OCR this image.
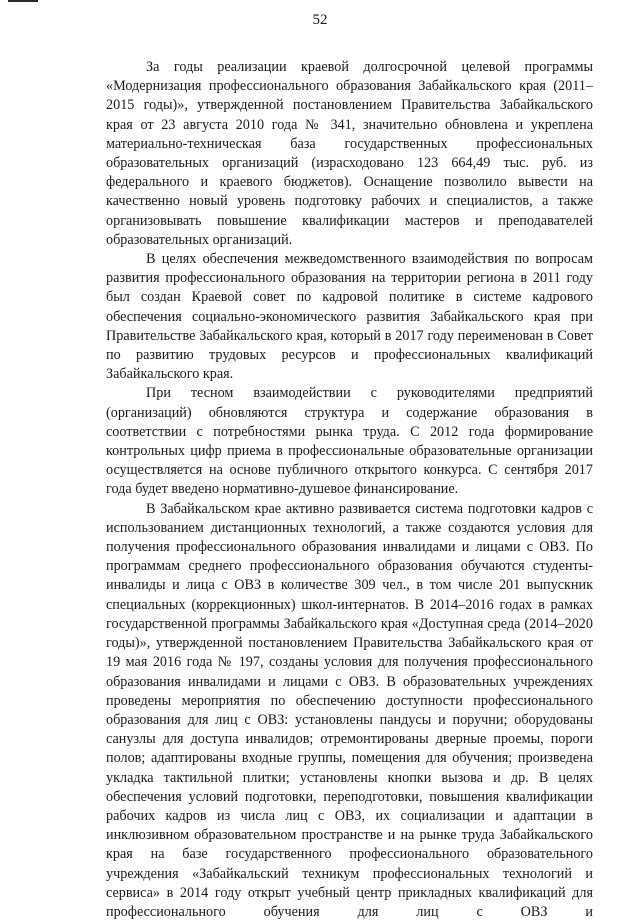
52

За годы реализации краевой долгосрочной целевой программы «Модернизация профессионального образования Забайкальского края (2011–2015 годы)», утвержденной постановлением Правительства Забайкальского края от 23 августа 2010 года № 341, значительно обновлена и укреплена материально-техническая база государственных профессиональных образовательных организаций (израсходовано 123 664,49 тыс. руб. из федерального и краевого бюджетов). Оснащение позволило вывести на качественно новый уровень подготовку рабочих и специалистов, а также организовывать повышение квалификации мастеров и преподавателей образовательных организаций.

В целях обеспечения межведомственного взаимодействия по вопросам развития профессионального образования на территории региона в 2011 году был создан Краевой совет по кадровой политике в системе кадрового обеспечения социально-экономического развития Забайкальского края при Правительстве Забайкальского края, который в 2017 году переименован в Совет по развитию трудовых ресурсов и профессиональных квалификаций Забайкальского края.

При тесном взаимодействии с руководителями предприятий (организаций) обновляются структура и содержание образования в соответствии с потребностями рынка труда. С 2012 года формирование контрольных цифр приема в профессиональные образовательные организации осуществляется на основе публичного открытого конкурса. С сентября 2017 года будет введено нормативно-душевое финансирование.

В Забайкальском крае активно развивается система подготовки кадров с использованием дистанционных технологий, а также создаются условия для получения профессионального образования инвалидами и лицами с ОВЗ. По программам среднего профессионального образования обучаются студенты-инвалиды и лица с ОВЗ в количестве 309 чел., в том числе 201 выпускник специальных (коррекционных) школ-интернатов. В 2014–2016 годах в рамках государственной программы Забайкальского края «Доступная среда (2014–2020 годы)», утвержденной постановлением Правительства Забайкальского края от 19 мая 2016 года № 197, созданы условия для получения профессионального образования инвалидами и лицами с ОВЗ. В образовательных учреждениях проведены мероприятия по обеспечению доступности профессионального образования для лиц с ОВЗ: установлены пандусы и поручни; оборудованы санузлы для доступа инвалидов; отремонтированы дверные проемы, пороги полов; адаптированы входные группы, помещения для обучения; произведена укладка тактильной плитки; установлены кнопки вызова и др. В целях обеспечения условий подготовки, переподготовки, повышения квалификации рабочих кадров из числа лиц с ОВЗ, их социализации и адаптации в инклюзивном образовательном пространстве и на рынке труда Забайкальского края на базе государственного профессионального образовательного учреждения «Забайкальский техникум профессиональных технологий и сервиса» в 2014 году открыт учебный центр прикладных квалификаций для профессионального обучения для лиц с ОВЗ и
